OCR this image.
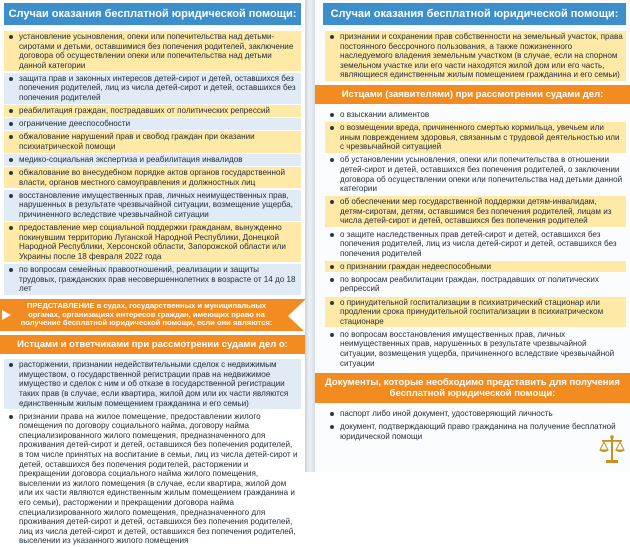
Случаи оказания бесплатной юридической помощи:
установление усыновления, опеки или попечительства над детьми-сиротами и детьми, оставшимися без попечения родителей, заключение договора об осуществлении опеки или попечительства над детьми данной категории
защита прав и законных интересов детей-сирот и детей, оставшихся без попечения родителей, лиц из числа детей-сирот и детей, оставшихся без попечения родителей
реабилитация граждан, пострадавших от политических репрессий
ограничение дееспособности
обжалование нарушений прав и свобод граждан при оказании психиатрической помощи
медико-социальная экспертиза и реабилитация инвалидов
обжалование во внесудебном порядке актов органов государственной власти, органов местного самоуправления и должностных лиц
восстановление имущественных прав, личных неимущественных прав, нарушенных в результате чрезвычайной ситуации, возмещение ущерба, причиненного вследствие чрезвычайной ситуации
предоставление мер социальной поддержки гражданам, вынужденно покинувшим территорию Луганской Народной Республики, Донецкой Народной Республики, Херсонской области, Запорожской области или Украины после 18 февраля 2022 года
по вопросам семейных правоотношений, реализации и защиты трудовых, гражданских прав несовершеннолетних в возрасте от 14 до 18 лет
ПРЕДСТАВЛЕНИЕ в судах, государственных и муниципальных органах, организациях интересов граждан, имеющих право на получение бесплатной юридической помощи, если они являются:
Истцами и ответчиками при рассмотрении судами дел о:
расторжении, признании недействительными сделок с недвижимым имуществом, о государственной регистрации прав на недвижимое имущество и сделок с ним и об отказе в государственной регистрации таких прав (в случае, если квартира, жилой дом или их части являются единственным жилым помещением гражданина и его семьи)
признании права на жилое помещение, предоставлении жилого помещения по договору социального найма, договору найма специализированного жилого помещения, предназначенного для проживания детей-сирот и детей, оставшихся без попечения родителей, в том числе принятых на воспитание в семьи, лиц из числа детей-сирот и детей, оставшихся без попечения родителей, расторжении и прекращении договора социального найма жилого помещения, выселении из жилого помещения (в случае, если квартира, жилой дом или их части являются единственным жилым помещением гражданина и его семьи), расторжении и прекращении договора найма специализированного жилого помещения, предназначенного для проживания детей-сирот и детей, оставшихся без попечения родителей, лиц из числа детей-сирот и детей, оставшихся без попечения родителей, выселении из указанного жилого помещения
Случаи оказания бесплатной юридической помощи:
признании и сохранении прав собственности на земельный участок, права постоянного бессрочного пользования, а также пожизненного наследуемого владения земельным участком (в случае, если на спорном земельном участке или его части находятся жилой дом или его часть, являющиеся единственным жилым помещением гражданина и его семьи)
Истцами (заявителями) при рассмотрении судами дел:
о взыскании алиментов
о возмещении вреда, причиненного смертью кормильца, увечьем или иным повреждением здоровья, связанным с трудовой деятельностью или с чрезвычайной ситуацией
об установлении усыновления, опеки или попечительства в отношении детей-сирот и детей, оставшихся без попечения родителей, о заключении договора об осуществлении опеки или попечительства над детьми данной категории
об обеспечении мер государственной поддержки детям-инвалидам, детям-сиротам, детям, оставшимся без попечения родителей, лицам из числа детей-сирот и детей, оставшихся без попечения родителей
о защите наследственных прав детей-сирот и детей, оставшихся без попечения родителей, лиц из числа детей-сирот и детей, оставшихся без попечения родителей
о признании граждан недееспособными
по вопросам реабилитации граждан, пострадавших от политических репрессий
о принудительной госпитализации в психиатрический стационар или продлении срока принудительной госпитализации в психиатрическом стационаре
по вопросам восстановления имущественных прав, личных неимущественных прав, нарушенных в результате чрезвычайной ситуации, возмещения ущерба, причиненного вследствие чрезвычайной ситуации
Документы, которые необходимо представить для получения бесплатной юридической помощи:
паспорт либо иной документ, удостоверяющий личность
документ, подтверждающий право гражданина на получение бесплатной юридической помощи
